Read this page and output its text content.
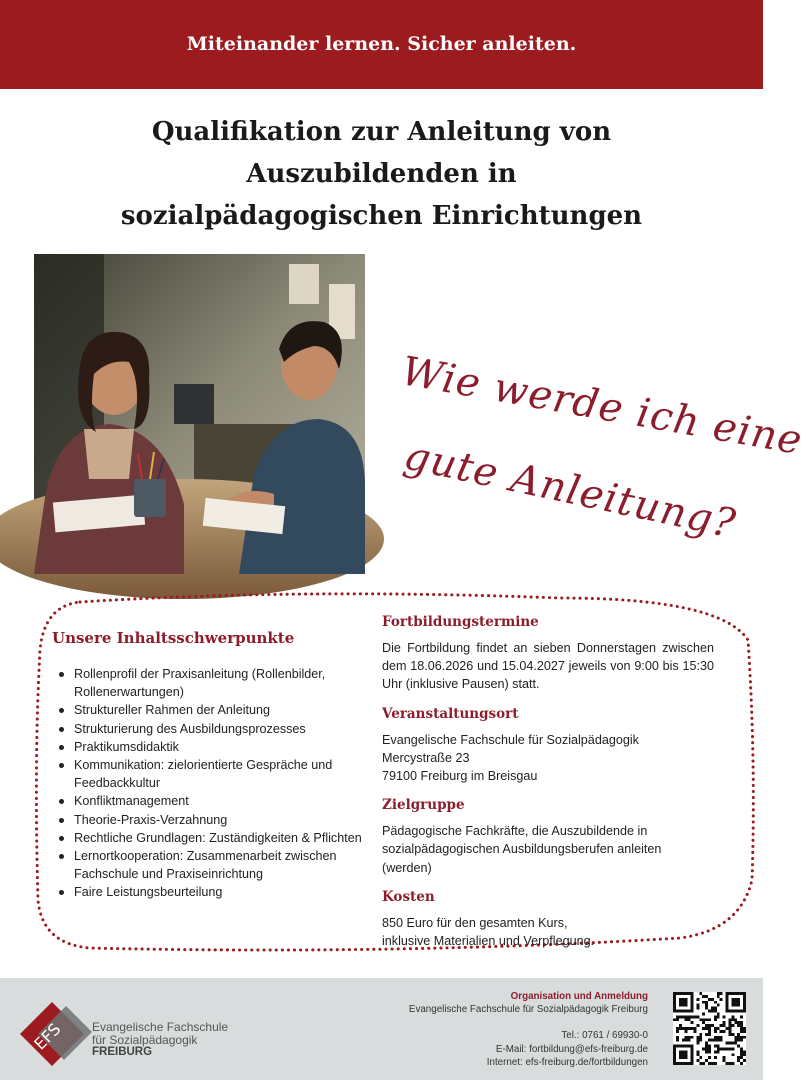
Miteinander lernen. Sicher anleiten.
Qualifikation zur Anleitung von
Auszubildenden in
sozialpädagogischen Einrichtungen
Wie werde ich eine
gute Anleitung?
Unsere Inhaltsschwerpunkte
Rollenprofil der Praxisanleitung (Rollenbilder, Rollenerwartungen)
Struktureller Rahmen der Anleitung
Strukturierung des Ausbildungsprozesses
Praktikumsdidaktik
Kommunikation: zielorientierte Gespräche und Feedbackkultur
Konfliktmanagement
Theorie-Praxis-Verzahnung
Rechtliche Grundlagen: Zuständigkeiten & Pflichten
Lernortkooperation: Zusammenarbeit zwischen Fachschule und Praxiseinrichtung
Faire Leistungsbeurteilung
Fortbildungstermine

Die Fortbildung findet an sieben Donnerstagen zwischen dem 18.06.2026 und 15.04.2027 jeweils von 9:00 bis 15:30 Uhr (inklusive Pausen) statt.

Veranstaltungsort

Evangelische Fachschule für Sozialpädagogik
Mercystraße 23
79100 Freiburg im Breisgau

Zielgruppe

Pädagogische Fachkräfte, die Auszubildende in sozialpädagogischen Ausbildungsberufen anleiten (werden)

Kosten

850 Euro für den gesamten Kurs,
inklusive Materialien und Verpflegung.

EFS Evangelische Fachschule
für Sozialpädagogik
FREIBURG
Organisation und Anmeldung
Evangelische Fachschule für Sozialpädagogik Freiburg
Tel.: 0761 / 69930-0
E-Mail: fortbildung@efs-freiburg.de
Internet: efs-freiburg.de/fortbildungen
